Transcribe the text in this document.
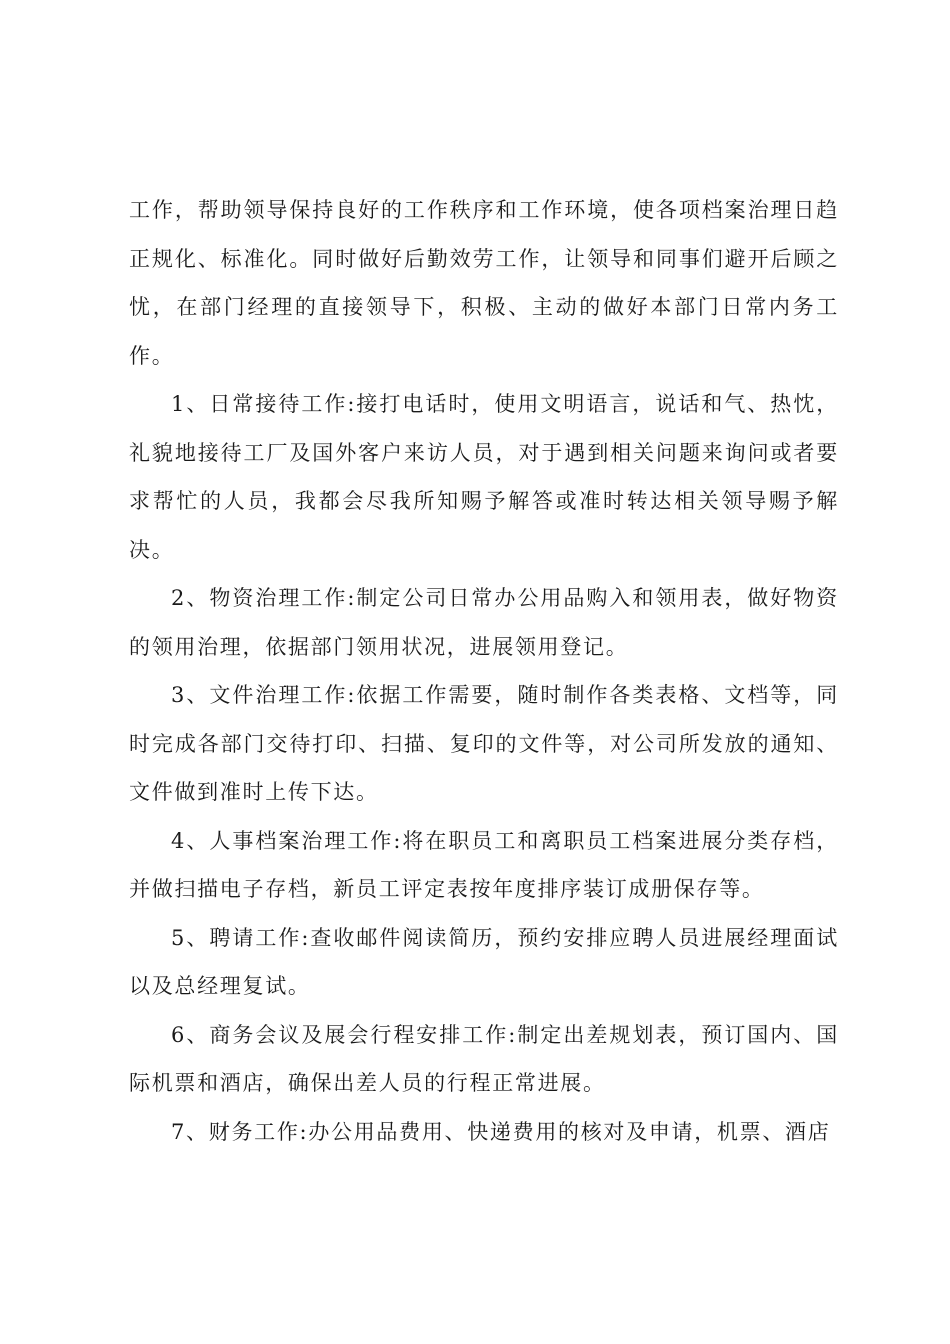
工作，帮助领导保持良好的工作秩序和工作环境，使各项档案治理日趋正规化、标准化。同时做好后勤效劳工作，让领导和同事们避开后顾之忧，在部门经理的直接领导下，积极、主动的做好本部门日常内务工作。

1、日常接待工作:接打电话时，使用文明语言，说话和气、热忱，礼貌地接待工厂及国外客户来访人员，对于遇到相关问题来询问或者要求帮忙的人员，我都会尽我所知赐予解答或准时转达相关领导赐予解决。

2、物资治理工作:制定公司日常办公用品购入和领用表，做好物资的领用治理，依据部门领用状况，进展领用登记。

3、文件治理工作:依据工作需要，随时制作各类表格、文档等，同时完成各部门交待打印、扫描、复印的文件等，对公司所发放的通知、文件做到准时上传下达。

4、人事档案治理工作:将在职员工和离职员工档案进展分类存档，并做扫描电子存档，新员工评定表按年度排序装订成册保存等。

5、聘请工作:查收邮件阅读简历，预约安排应聘人员进展经理面试以及总经理复试。

6、商务会议及展会行程安排工作:制定出差规划表，预订国内、国际机票和酒店，确保出差人员的行程正常进展。

7、财务工作:办公用品费用、快递费用的核对及申请，机票、酒店
